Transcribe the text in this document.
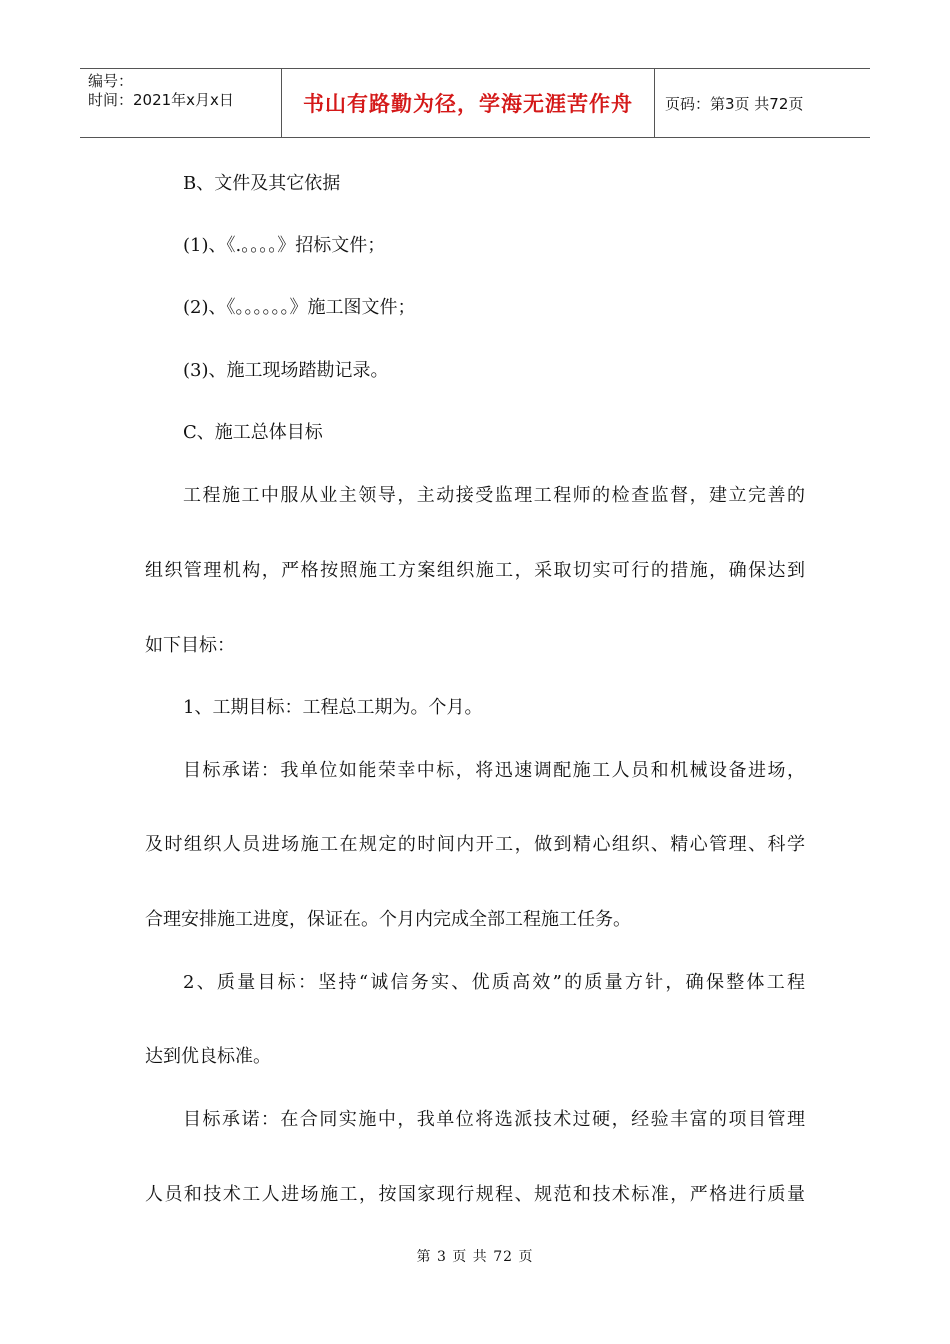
编号：
时间：2021年x月x日	书山有路勤为径，学海无涯苦作舟	页码：第3页 共72页
B、文件及其它依据
(1)、《.。。。。》招标文件；
(2)、《。。。。。。》施工图文件；
(3)、施工现场踏勘记录。
C、施工总体目标
工程施工中服从业主领导，主动接受监理工程师的检查监督，建立完善的
组织管理机构，严格按照施工方案组织施工，采取切实可行的措施，确保达到
如下目标：
1、工期目标：工程总工期为。个月。
目标承诺：我单位如能荣幸中标，将迅速调配施工人员和机械设备进场，
及时组织人员进场施工在规定的时间内开工，做到精心组织、精心管理、科学
合理安排施工进度，保证在。个月内完成全部工程施工任务。
2、质量目标：坚持“诚信务实、优质高效”的质量方针，确保整体工程
达到优良标准。
目标承诺：在合同实施中，我单位将选派技术过硬，经验丰富的项目管理
人员和技术工人进场施工，按国家现行规程、规范和技术标准，严格进行质量
第 3 页 共 72 页
